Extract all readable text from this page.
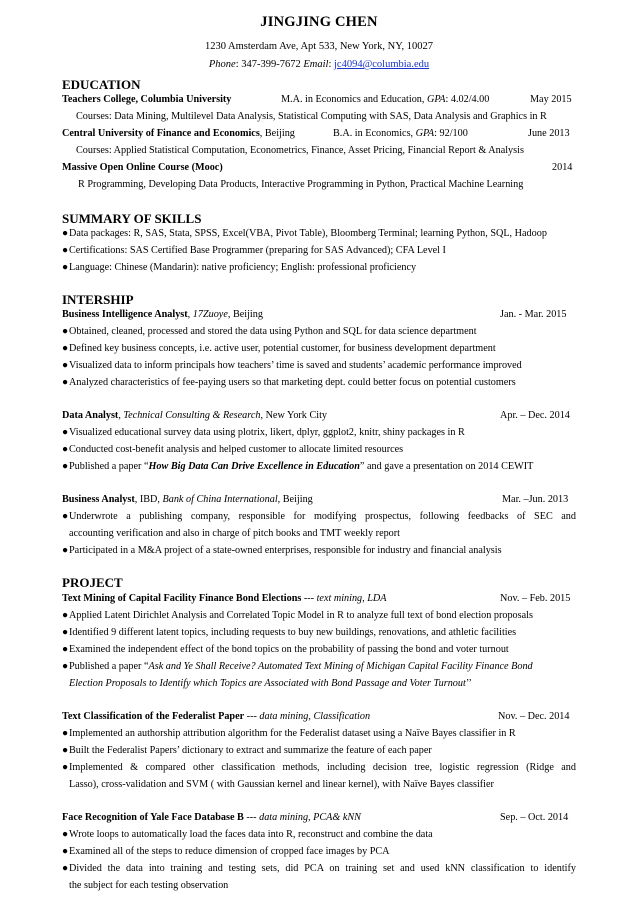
JINGJING CHEN
1230 Amsterdam Ave, Apt 533, New York, NY, 10027
Phone: 347-399-7672 Email: jc4094@columbia.edu
EDUCATION
Teachers College, Columbia University	M.A. in Economics and Education, GPA: 4.02/4.00	May 2015
Courses: Data Mining, Multilevel Data Analysis, Statistical Computing with SAS, Data Analysis and Graphics in R
Central University of Finance and Economics, Beijing	B.A. in Economics, GPA: 92/100	June 2013
Courses: Applied Statistical Computation, Econometrics, Finance, Asset Pricing, Financial Report & Analysis
Massive Open Online Course (Mooc)	2014
R Programming, Developing Data Products, Interactive Programming in Python, Practical Machine Learning
SUMMARY OF SKILLS
●Data packages: R, SAS, Stata, SPSS, Excel(VBA, Pivot Table), Bloomberg Terminal; learning Python, SQL, Hadoop
●Certifications: SAS Certified Base Programmer (preparing for SAS Advanced); CFA Level I
●Language: Chinese (Mandarin): native proficiency; English: professional proficiency
INTERSHIP
Business Intelligence Analyst, 17Zuoye, Beijing	Jan. - Mar. 2015
●Obtained, cleaned, processed and stored the data using Python and SQL for data science department
●Defined key business concepts, i.e. active user, potential customer, for business development department
●Visualized data to inform principals how teachers’ time is saved and students’ academic performance improved
●Analyzed characteristics of fee-paying users so that marketing dept. could better focus on potential customers
Data Analyst, Technical Consulting & Research, New York City	Apr. – Dec. 2014
●Visualized educational survey data using plotrix, likert, dplyr, ggplot2, knitr, shiny packages in R
●Conducted cost-benefit analysis and helped customer to allocate limited resources
●Published a paper “How Big Data Can Drive Excellence in Education” and gave a presentation on 2014 CEWIT
Business Analyst, IBD, Bank of China International, Beijing	Mar. –Jun. 2013
●Underwrote a publishing company, responsible for modifying prospectus, following feedbacks of SEC and
accounting verification and also in charge of pitch books and TMT weekly report
●Participated in a M&A project of a state-owned enterprises, responsible for industry and financial analysis
PROJECT
Text Mining of Capital Facility Finance Bond Elections --- text mining, LDA	Nov. – Feb. 2015
●Applied Latent Dirichlet Analysis and Correlated Topic Model in R to analyze full text of bond election proposals
●Identified 9 different latent topics, including requests to buy new buildings, renovations, and athletic facilities
●Examined the independent effect of the bond topics on the probability of passing the bond and voter turnout
●Published a paper “Ask and Ye Shall Receive? Automated Text Mining of Michigan Capital Facility Finance Bond
Election Proposals to Identify which Topics are Associated with Bond Passage and Voter Turnout’’
Text Classification of the Federalist Paper --- data mining, Classification	Nov. – Dec. 2014
●Implemented an authorship attribution algorithm for the Federalist dataset using a Naïve Bayes classifier in R
●Built the Federalist Papers’ dictionary to extract and summarize the feature of each paper
●Implemented & compared other classification methods, including decision tree, logistic regression (Ridge and
Lasso), cross-validation and SVM ( with Gaussian kernel and linear kernel), with Naïve Bayes classifier
Face Recognition of Yale Face Database B --- data mining, PCA& kNN	Sep. – Oct. 2014
●Wrote loops to automatically load the faces data into R, reconstruct and combine the data
●Examined all of the steps to reduce dimension of cropped face images by PCA
●Divided the data into training and testing sets, did PCA on training set and used kNN classification to identify
the subject for each testing observation
